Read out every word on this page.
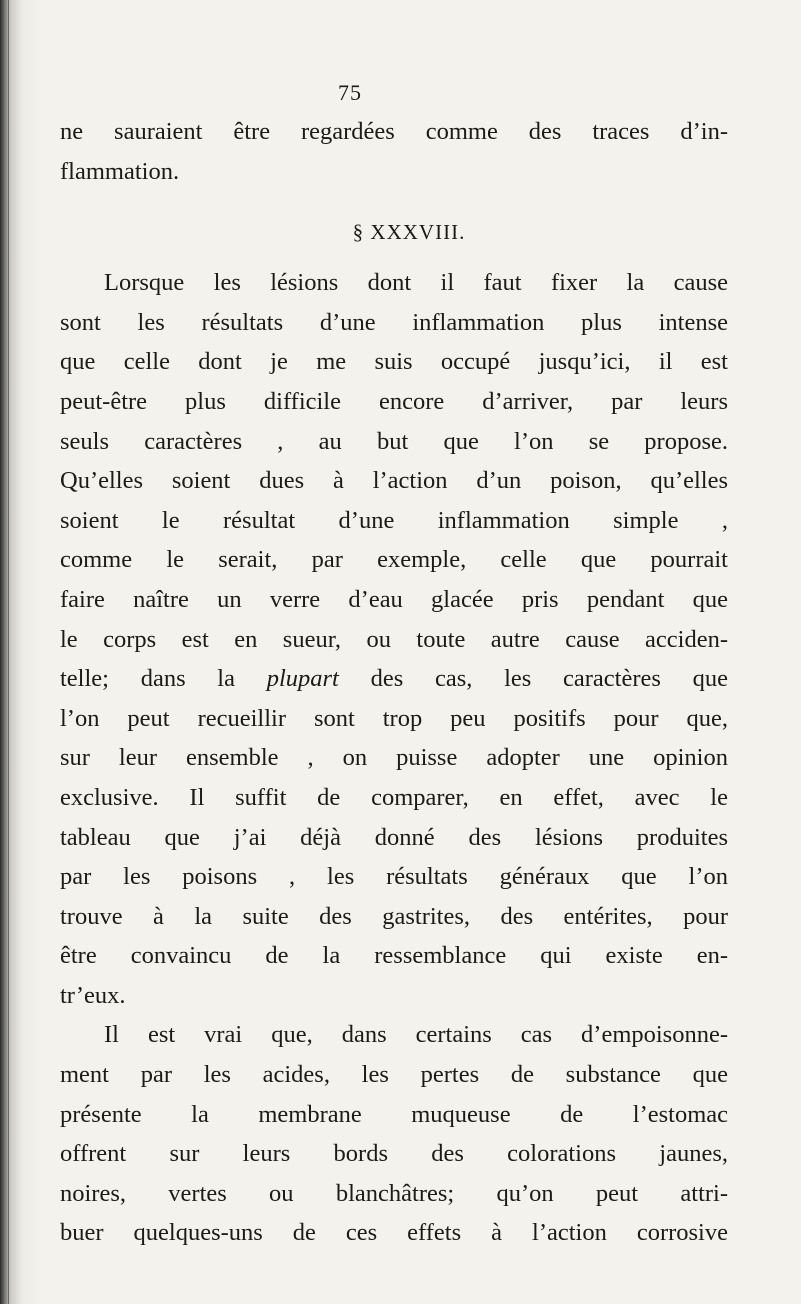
75
ne sauraient être regardées comme des traces d’in-
flammation.
§ XXXVIII.
Lorsque les lésions dont il faut fixer la cause
sont les résultats d’une inflammation plus intense
que celle dont je me suis occupé jusqu’ici, il est
peut-être plus difficile encore d’arriver, par leurs
seuls caractères , au but que l’on se propose.
Qu’elles soient dues à l’action d’un poison, qu’elles
soient le résultat d’une inflammation simple ,
comme le serait, par exemple, celle que pourrait
faire naître un verre d’eau glacée pris pendant que
le corps est en sueur, ou toute autre cause acciden-
telle; dans la plupart des cas, les caractères que
l’on peut recueillir sont trop peu positifs pour que,
sur leur ensemble , on puisse adopter une opinion
exclusive. Il suffit de comparer, en effet, avec le
tableau que j’ai déjà donné des lésions produites
par les poisons , les résultats généraux que l’on
trouve à la suite des gastrites, des entérites, pour
être convaincu de la ressemblance qui existe en-
tr’eux.
Il est vrai que, dans certains cas d’empoisonne-
ment par les acides, les pertes de substance que
présente la membrane muqueuse de l’estomac
offrent sur leurs bords des colorations jaunes,
noires, vertes ou blanchâtres; qu’on peut attri-
buer quelques-uns de ces effets à l’action corrosive
